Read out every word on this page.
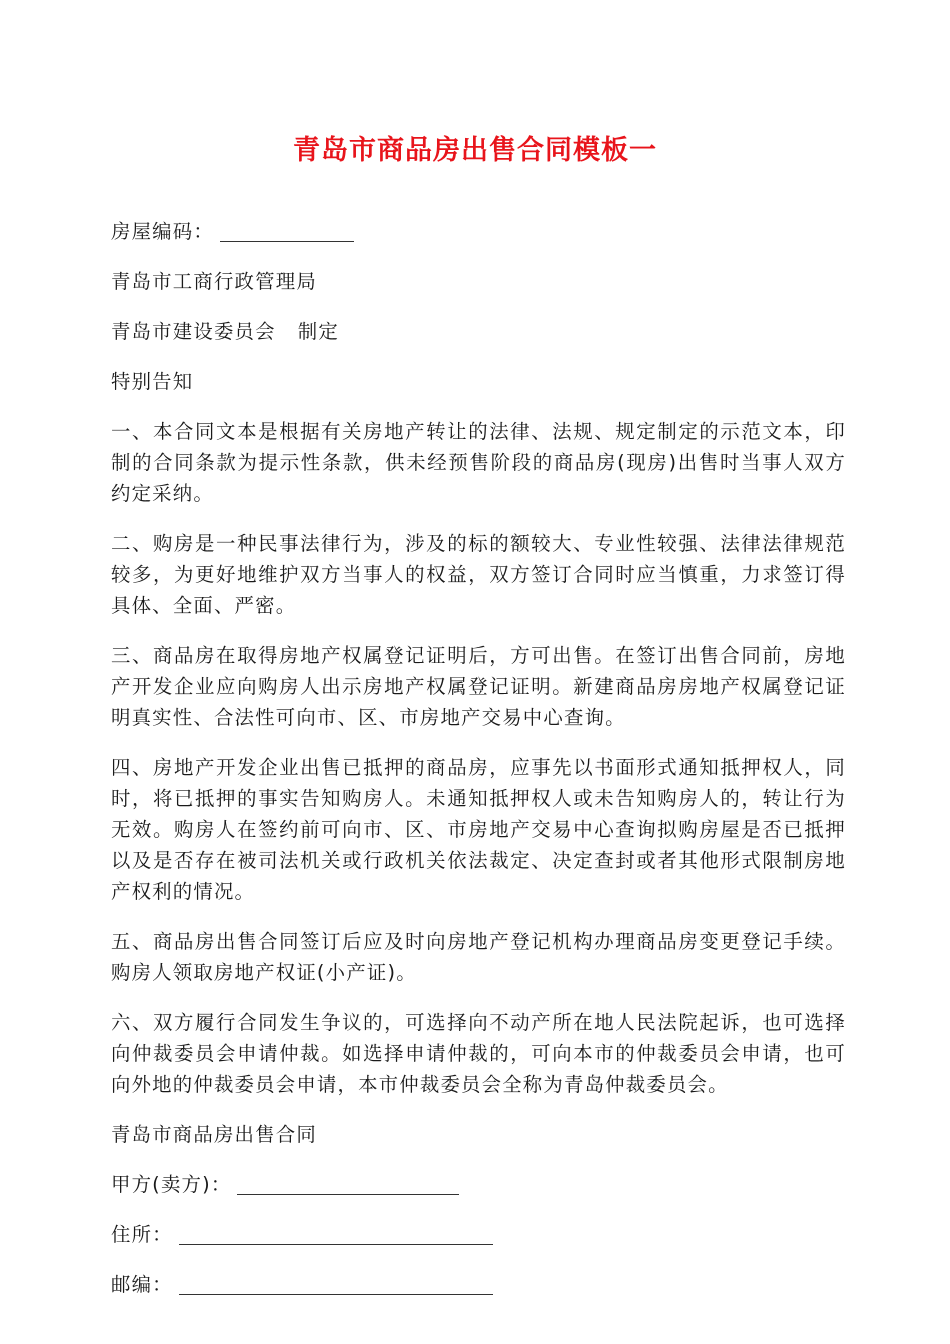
青岛市商品房出售合同模板一

房屋编码：

青岛市工商行政管理局

青岛市建设委员会 制定

特别告知

一、本合同文本是根据有关房地产转让的法律、法规、规定制定的示范文本，印制的合同条款为提示性条款，供未经预售阶段的商品房(现房)出售时当事人双方约定采纳。

二、购房是一种民事法律行为，涉及的标的额较大、专业性较强、法律法律规范较多，为更好地维护双方当事人的权益，双方签订合同时应当慎重，力求签订得具体、全面、严密。

三、商品房在取得房地产权属登记证明后，方可出售。在签订出售合同前，房地产开发企业应向购房人出示房地产权属登记证明。新建商品房房地产权属登记证明真实性、合法性可向市、区、市房地产交易中心查询。

四、房地产开发企业出售已抵押的商品房，应事先以书面形式通知抵押权人，同时，将已抵押的事实告知购房人。未通知抵押权人或未告知购房人的，转让行为无效。购房人在签约前可向市、区、市房地产交易中心查询拟购房屋是否已抵押以及是否存在被司法机关或行政机关依法裁定、决定查封或者其他形式限制房地产权利的情况。

五、商品房出售合同签订后应及时向房地产登记机构办理商品房变更登记手续。购房人领取房地产权证(小产证)。

六、双方履行合同发生争议的，可选择向不动产所在地人民法院起诉，也可选择向仲裁委员会申请仲裁。如选择申请仲裁的，可向本市的仲裁委员会申请，也可向外地的仲裁委员会申请，本市仲裁委员会全称为青岛仲裁委员会。

青岛市商品房出售合同

甲方(卖方)：

住所：

邮编：
